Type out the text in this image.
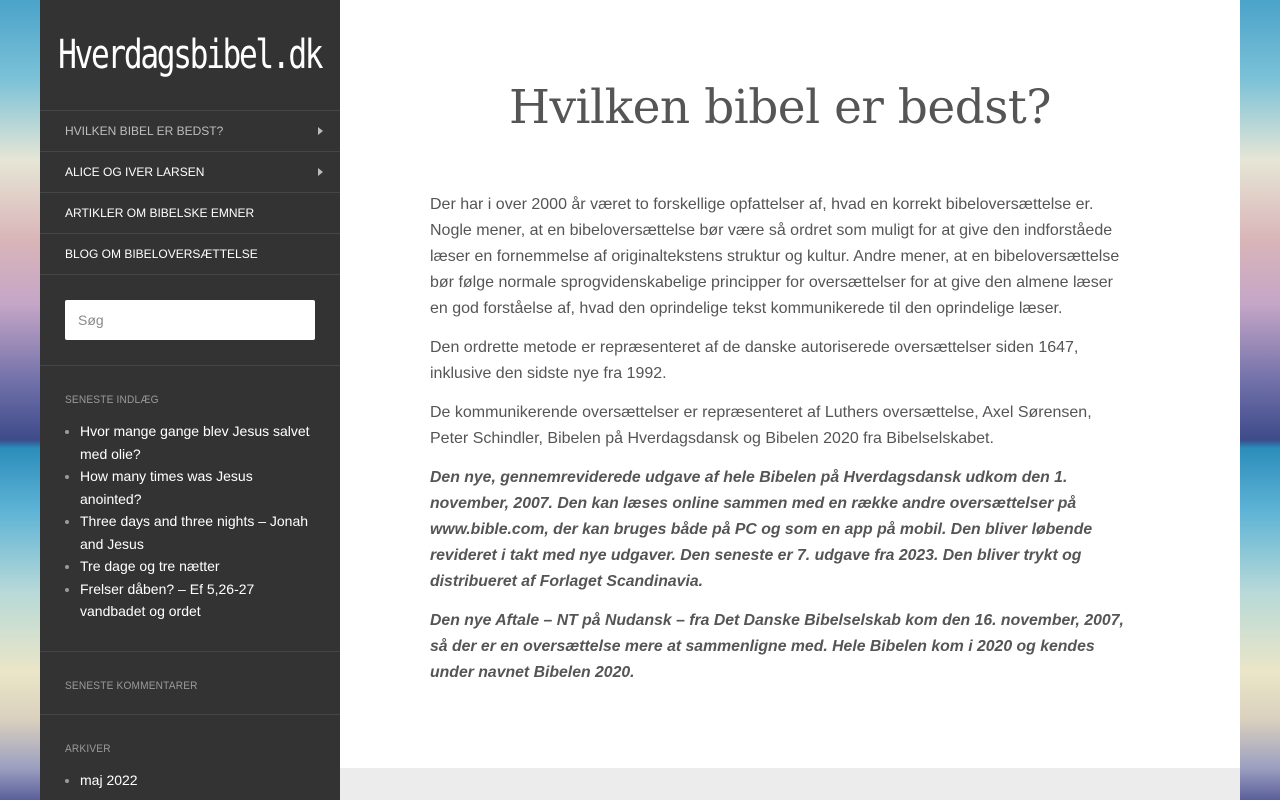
Hverdagsbibel.dk
HVILKEN BIBEL ER BEDST?
ALICE OG IVER LARSEN
ARTIKLER OM BIBELSKE EMNER
BLOG OM BIBELOVERSÆTTELSE
Søg
SENESTE INDLÆG
• Hvor mange gange blev Jesus salvet med olie?
• How many times was Jesus anointed?
• Three days and three nights – Jonah and Jesus
• Tre dage og tre nætter
• Frelser dåben? – Ef 5,26-27 vandbadet og ordet
SENESTE KOMMENTARER
ARKIVER
• maj 2022
Hvilken bibel er bedst?

Der har i over 2000 år været to forskellige opfattelser af, hvad en korrekt bibeloversættelse er. Nogle mener, at en bibeloversættelse bør være så ordret som muligt for at give den indforståede læser en fornemmelse af originaltekstens struktur og kultur. Andre mener, at en bibeloversættelse bør følge normale sprogvidenskabelige principper for oversættelser for at give den almene læser en god forståelse af, hvad den oprindelige tekst kommunikerede til den oprindelige læser.

Den ordrette metode er repræsenteret af de danske autoriserede oversættelser siden 1647, inklusive den sidste nye fra 1992.

De kommunikerende oversættelser er repræsenteret af Luthers oversættelse, Axel Sørensen, Peter Schindler, Bibelen på Hverdagsdansk og Bibelen 2020 fra Bibelselskabet.

Den nye, gennemreviderede udgave af hele Bibelen på Hverdagsdansk udkom den 1. november, 2007. Den kan læses online sammen med en række andre oversættelser på www.bible.com, der kan bruges både på PC og som en app på mobil. Den bliver løbende revideret i takt med nye udgaver. Den seneste er 7. udgave fra 2023. Den bliver trykt og distribueret af Forlaget Scandinavia.

Den nye Aftale – NT på Nudansk – fra Det Danske Bibelselskab kom den 16. november, 2007, så der er en oversættelse mere at sammenligne med. Hele Bibelen kom i 2020 og kendes under navnet Bibelen 2020.
